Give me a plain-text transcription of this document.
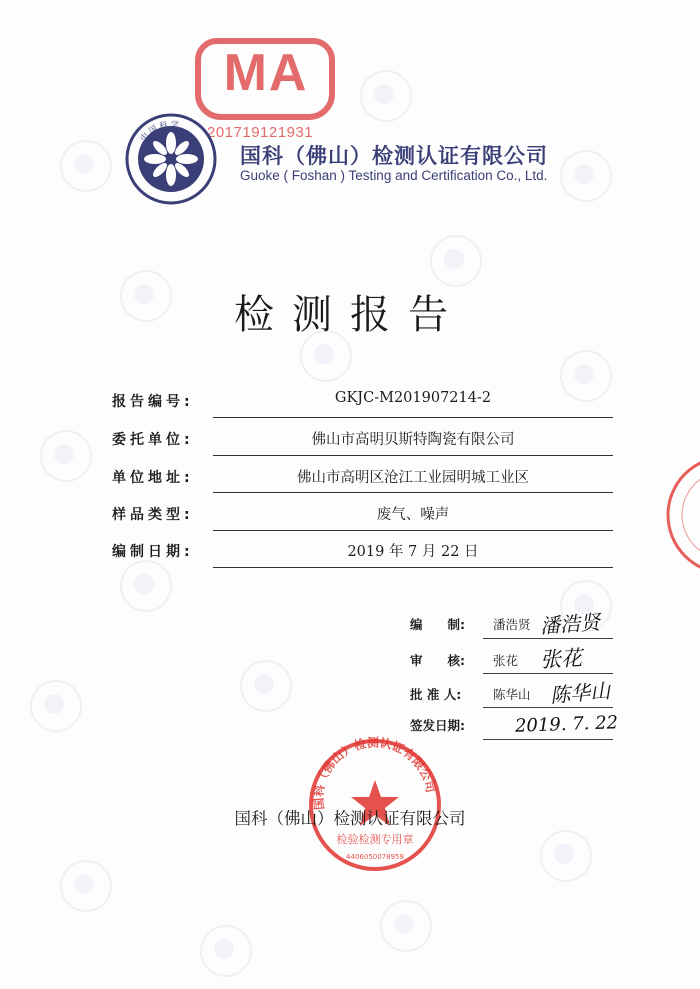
MA
201719121931
中 国 科 学
国科（佛山）检测认证有限公司
Guoke ( Foshan ) Testing and Certification Co., Ltd.
检测报告
报告编号:	GKJC-M201907214-2
委托单位:	佛山市高明贝斯特陶瓷有限公司
单位地址:	佛山市高明区沧江工业园明城工业区
样品类型:	废气、噪声
编制日期:	2019 年 7 月 22 日
编　　制: 潘浩贤 潘浩贤
审　　核: 张花 张花
批 准 人:	陈华山 陈华山
签发日期:	2019. 7. 22
国科（佛山）检测认证有限公司
检验检测专用章
4406050078959
国科（佛山）检测认证有限公司
